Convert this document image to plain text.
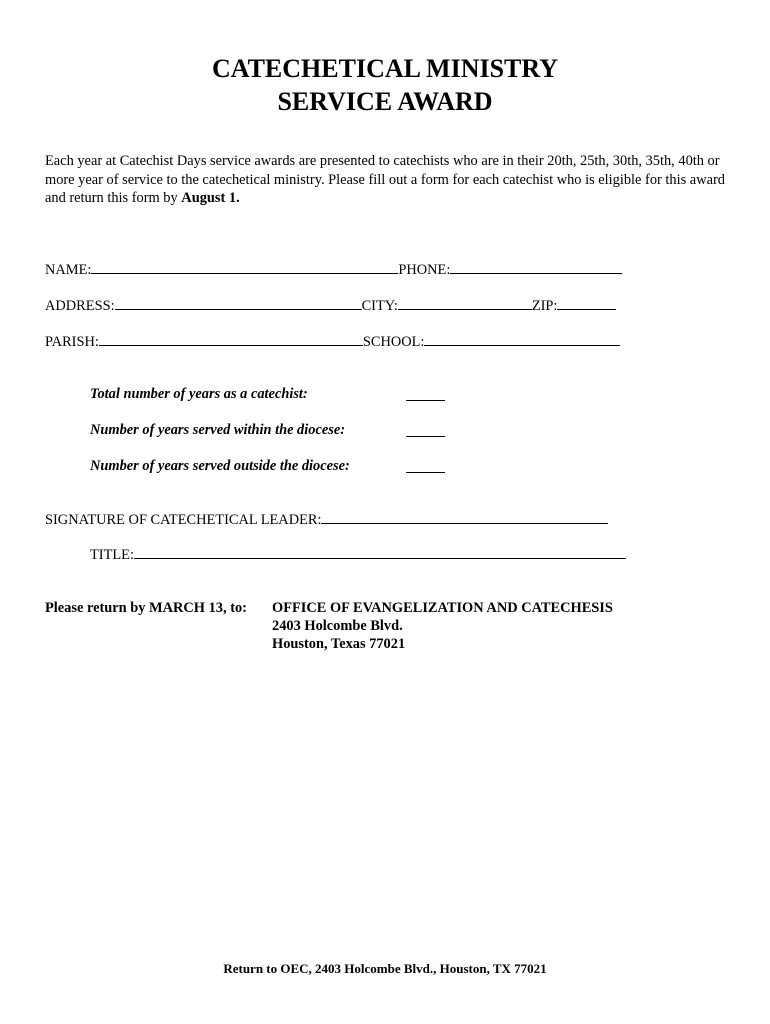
CATECHETICAL MINISTRY
SERVICE AWARD
Each year at Catechist Days service awards are presented to catechists who are in their 20th, 25th, 30th, 35th, 40th or more year of service to the catechetical ministry. Please fill out a form for each catechist who is eligible for this award and return this form by August 1.
NAME:	PHONE:
ADDRESS:	CITY:	ZIP:
PARISH:	SCHOOL:
Total number of years as a catechist:
Number of years served within the diocese:
Number of years served outside the diocese:
SIGNATURE OF CATECHETICAL LEADER:
TITLE:
Please return by MARCH 13, to: OFFICE OF EVANGELIZATION AND CATECHESIS
2403 Holcombe Blvd.
Houston, Texas 77021
Return to OEC, 2403 Holcombe Blvd., Houston, TX 77021
